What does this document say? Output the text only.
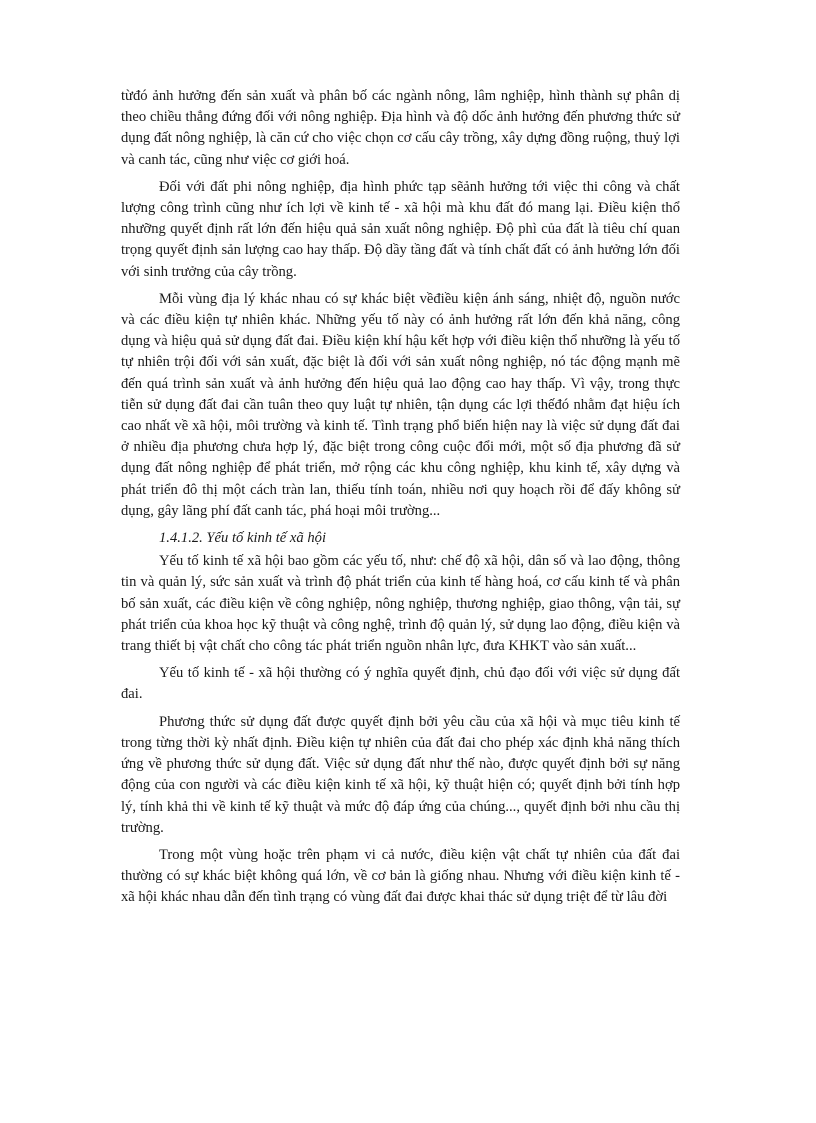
từđó ảnh hưởng đến sản xuất và phân bố các ngành nông, lâm nghiệp, hình thành sự phân dị theo chiều thẳng đứng đối với nông nghiệp. Địa hình và độ dốc ảnh hưởng đến phương thức sử dụng đất nông nghiệp, là căn cứ cho việc chọn cơ cấu cây trồng, xây dựng đồng ruộng, thuỷ lợi và canh tác, cũng như việc cơ giới hoá.

Đối với đất phi nông nghiệp, địa hình phức tạp sẽảnh hưởng tới việc thi công và chất lượng công trình cũng như ích lợi về kinh tế - xã hội mà khu đất đó mang lại. Điều kiện thổ nhưỡng quyết định rất lớn đến hiệu quả sản xuất nông nghiệp. Độ phì của đất là tiêu chí quan trọng quyết định sản lượng cao hay thấp. Độ dầy tầng đất và tính chất đất có ảnh hưởng lớn đối với sinh trưởng của cây trồng.

Mỗi vùng địa lý khác nhau có sự khác biệt vềđiều kiện ánh sáng, nhiệt độ, nguồn nước và các điều kiện tự nhiên khác. Những yếu tố này có ảnh hưởng rất lớn đến khả năng, công dụng và hiệu quả sử dụng đất đai. Điều kiện khí hậu kết hợp với điều kiện thổ nhưỡng là yếu tố tự nhiên trội đối với sản xuất, đặc biệt là đối với sản xuất nông nghiệp, nó tác động mạnh mẽ đến quá trình sản xuất và ảnh hưởng đến hiệu quả lao động cao hay thấp. Vì vậy, trong thực tiễn sử dụng đất đai cần tuân theo quy luật tự nhiên, tận dụng các lợi thếđó nhằm đạt hiệu ích cao nhất về xã hội, môi trường và kinh tế. Tình trạng phổ biến hiện nay là việc sử dụng đất đai ở nhiều địa phương chưa hợp lý, đặc biệt trong công cuộc đổi mới, một số địa phương đã sử dụng đất nông nghiệp để phát triển, mở rộng các khu công nghiệp, khu kinh tế, xây dựng và phát triển đô thị một cách tràn lan, thiếu tính toán, nhiều nơi quy hoạch rồi để đấy không sử dụng, gây lãng phí đất canh tác, phá hoại môi trường...

1.4.1.2. Yếu tố kinh tế xã hội

Yếu tố kinh tế xã hội bao gồm các yếu tố, như: chế độ xã hội, dân số và lao động, thông tin và quản lý, sức sản xuất và trình độ phát triển của kinh tế hàng hoá, cơ cấu kinh tế và phân bố sản xuất, các điều kiện về công nghiệp, nông nghiệp, thương nghiệp, giao thông, vận tải, sự phát triển của khoa học kỹ thuật và công nghệ, trình độ quản lý, sử dụng lao động, điều kiện và trang thiết bị vật chất cho công tác phát triển nguồn nhân lực, đưa KHKT vào sản xuất...

Yếu tố kinh tế - xã hội thường có ý nghĩa quyết định, chủ đạo đối với việc sử dụng đất đai.

Phương thức sử dụng đất được quyết định bởi yêu cầu của xã hội và mục tiêu kinh tế trong từng thời kỳ nhất định. Điều kiện tự nhiên của đất đai cho phép xác định khả năng thích ứng về phương thức sử dụng đất. Việc sử dụng đất như thế nào, được quyết định bởi sự năng động của con người và các điều kiện kinh tế xã hội, kỹ thuật hiện có; quyết định bởi tính hợp lý, tính khả thi về kinh tế kỹ thuật và mức độ đáp ứng của chúng..., quyết định bởi nhu cầu thị trường.

Trong một vùng hoặc trên phạm vi cả nước, điều kiện vật chất tự nhiên của đất đai thường có sự khác biệt không quá lớn, về cơ bản là giống nhau. Nhưng với điều kiện kinh tế - xã hội khác nhau dẫn đến tình trạng có vùng đất đai được khai thác sử dụng triệt để từ lâu đời
